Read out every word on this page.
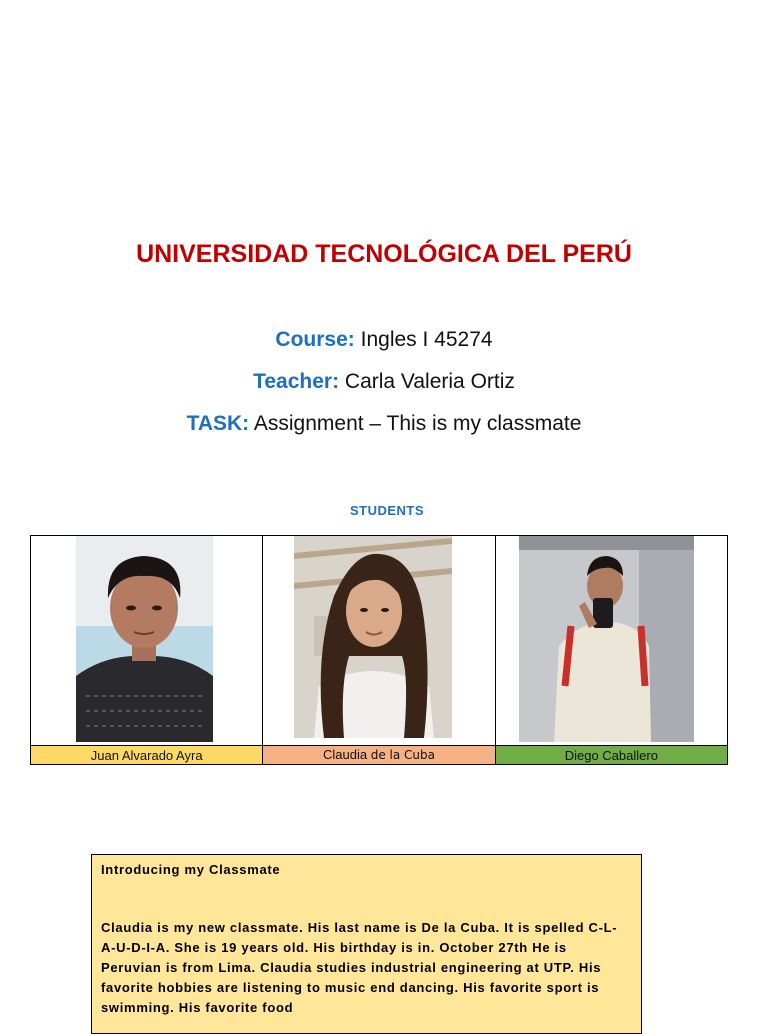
UNIVERSIDAD TECNOLÓGICA DEL PERÚ
Course: Ingles I 45274
Teacher: Carla Valeria Ortiz
TASK: Assignment – This is my classmate
STUDENTS

Juan Alvarado Ayra	Claudia de la Cuba	Diego Caballero

Introducing my Classmate

Claudia is my new classmate. His last name is De la Cuba. It is spelled C-L-A-U-D-I-A. She is 19 years old. His birthday is in. October 27th He is Peruvian is from Lima. Claudia studies industrial engineering at UTP. His favorite hobbies are listening to music end dancing. His favorite sport is swimming. His favorite food
